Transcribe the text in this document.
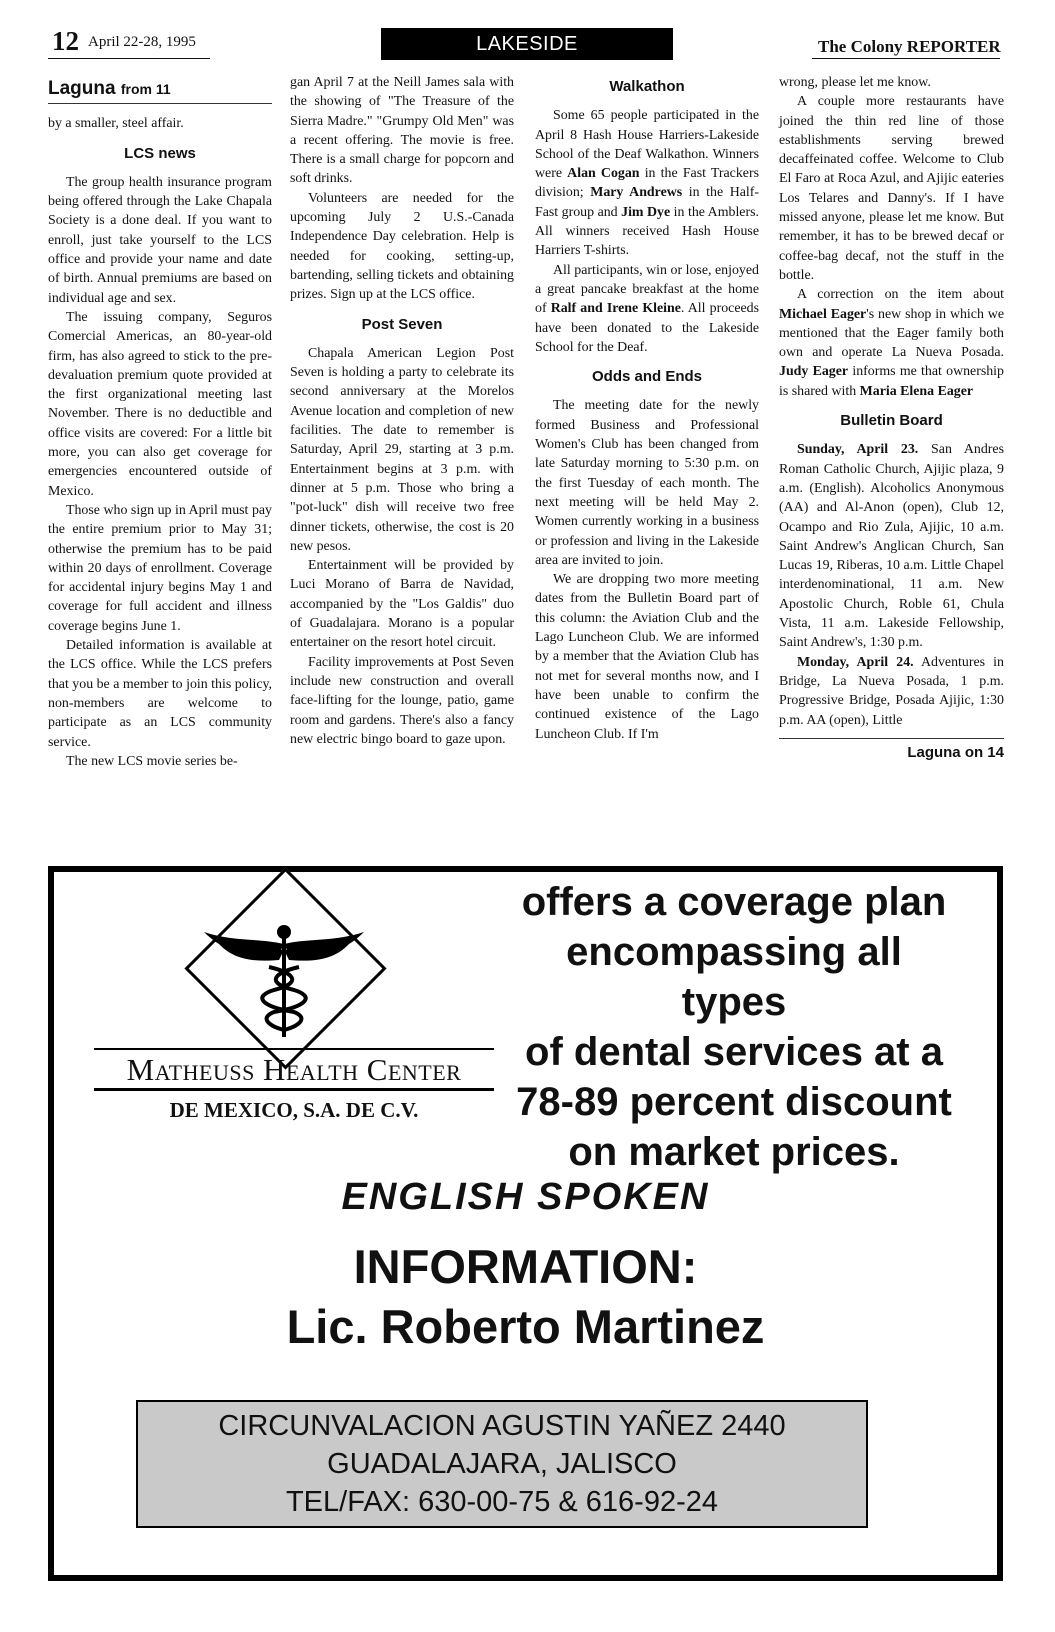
12 April 22-28, 1995	LAKESIDE	The Colony REPORTER
Laguna from 11

by a smaller, steel affair.

LCS news

The group health insurance program being offered through the Lake Chapala Society is a done deal. If you want to enroll, just take yourself to the LCS office and provide your name and date of birth. Annual premiums are based on individual age and sex.

The issuing company, Seguros Comercial Americas, an 80-year-old firm, has also agreed to stick to the pre-devaluation premium quote provided at the first organizational meeting last November. There is no deductible and office visits are covered: For a little bit more, you can also get coverage for emergencies encountered outside of Mexico.

Those who sign up in April must pay the entire premium prior to May 31; otherwise the premium has to be paid within 20 days of enrollment. Coverage for accidental injury begins May 1 and coverage for full accident and illness coverage begins June 1.

Detailed information is available at the LCS office. While the LCS prefers that you be a member to join this policy, non-members are welcome to participate as an LCS community service.

The new LCS movie series be-

gan April 7 at the Neill James sala with the showing of "The Treasure of the Sierra Madre." "Grumpy Old Men" was a recent offering. The movie is free. There is a small charge for popcorn and soft drinks.

Volunteers are needed for the upcoming July 2 U.S.-Canada Independence Day celebration. Help is needed for cooking, setting-up, bartending, selling tickets and obtaining prizes. Sign up at the LCS office.

Post Seven

Chapala American Legion Post Seven is holding a party to celebrate its second anniversary at the Morelos Avenue location and completion of new facilities. The date to remember is Saturday, April 29, starting at 3 p.m. Entertainment begins at 3 p.m. with dinner at 5 p.m. Those who bring a "pot-luck" dish will receive two free dinner tickets, otherwise, the cost is 20 new pesos.

Entertainment will be provided by Luci Morano of Barra de Navidad, accompanied by the "Los Galdis" duo of Guadalajara. Morano is a popular entertainer on the resort hotel circuit.

Facility improvements at Post Seven include new construction and overall face-lifting for the lounge, patio, game room and gardens. There's also a fancy new electric bingo board to gaze upon.

Walkathon

Some 65 people participated in the April 8 Hash House Harriers-Lakeside School of the Deaf Walkathon. Winners were Alan Cogan in the Fast Trackers division; Mary Andrews in the Half-Fast group and Jim Dye in the Amblers. All winners received Hash House Harriers T-shirts.

All participants, win or lose, enjoyed a great pancake breakfast at the home of Ralf and Irene Kleine. All proceeds have been donated to the Lakeside School for the Deaf.

Odds and Ends

The meeting date for the newly formed Business and Professional Women's Club has been changed from late Saturday morning to 5:30 p.m. on the first Tuesday of each month. The next meeting will be held May 2. Women currently working in a business or profession and living in the Lakeside area are invited to join.

We are dropping two more meeting dates from the Bulletin Board part of this column: the Aviation Club and the Lago Luncheon Club. We are informed by a member that the Aviation Club has not met for several months now, and I have been unable to confirm the continued existence of the Lago Luncheon Club. If I'm

wrong, please let me know.

A couple more restaurants have joined the thin red line of those establishments serving brewed decaffeinated coffee. Welcome to Club El Faro at Roca Azul, and Ajijic eateries Los Telares and Danny's. If I have missed anyone, please let me know. But remember, it has to be brewed decaf or coffee-bag decaf, not the stuff in the bottle.

A correction on the item about Michael Eager's new shop in which we mentioned that the Eager family both own and operate La Nueva Posada. Judy Eager informs me that ownership is shared with Maria Elena Eager

Bulletin Board

Sunday, April 23. San Andres Roman Catholic Church, Ajijic plaza, 9 a.m. (English). Alcoholics Anonymous (AA) and Al-Anon (open), Club 12, Ocampo and Rio Zula, Ajijic, 10 a.m. Saint Andrew's Anglican Church, San Lucas 19, Riberas, 10 a.m. Little Chapel interdenominational, 11 a.m. New Apostolic Church, Roble 61, Chula Vista, 11 a.m. Lakeside Fellowship, Saint Andrew's, 1:30 p.m.

Monday, April 24. Adventures in Bridge, La Nueva Posada, 1 p.m. Progressive Bridge, Posada Ajijic, 1:30 p.m. AA (open), Little

Laguna on 14
Matheuss Health Center
DE MEXICO, S.A. DE C.V.
offers a coverage plan
encompassing all types
of dental services at a
78-89 percent discount
on market prices.
ENGLISH SPOKEN
INFORMATION:
Lic. Roberto Martinez
CIRCUNVALACION AGUSTIN YAÑEZ 2440
GUADALAJARA, JALISCO
TEL/FAX: 630-00-75 & 616-92-24
